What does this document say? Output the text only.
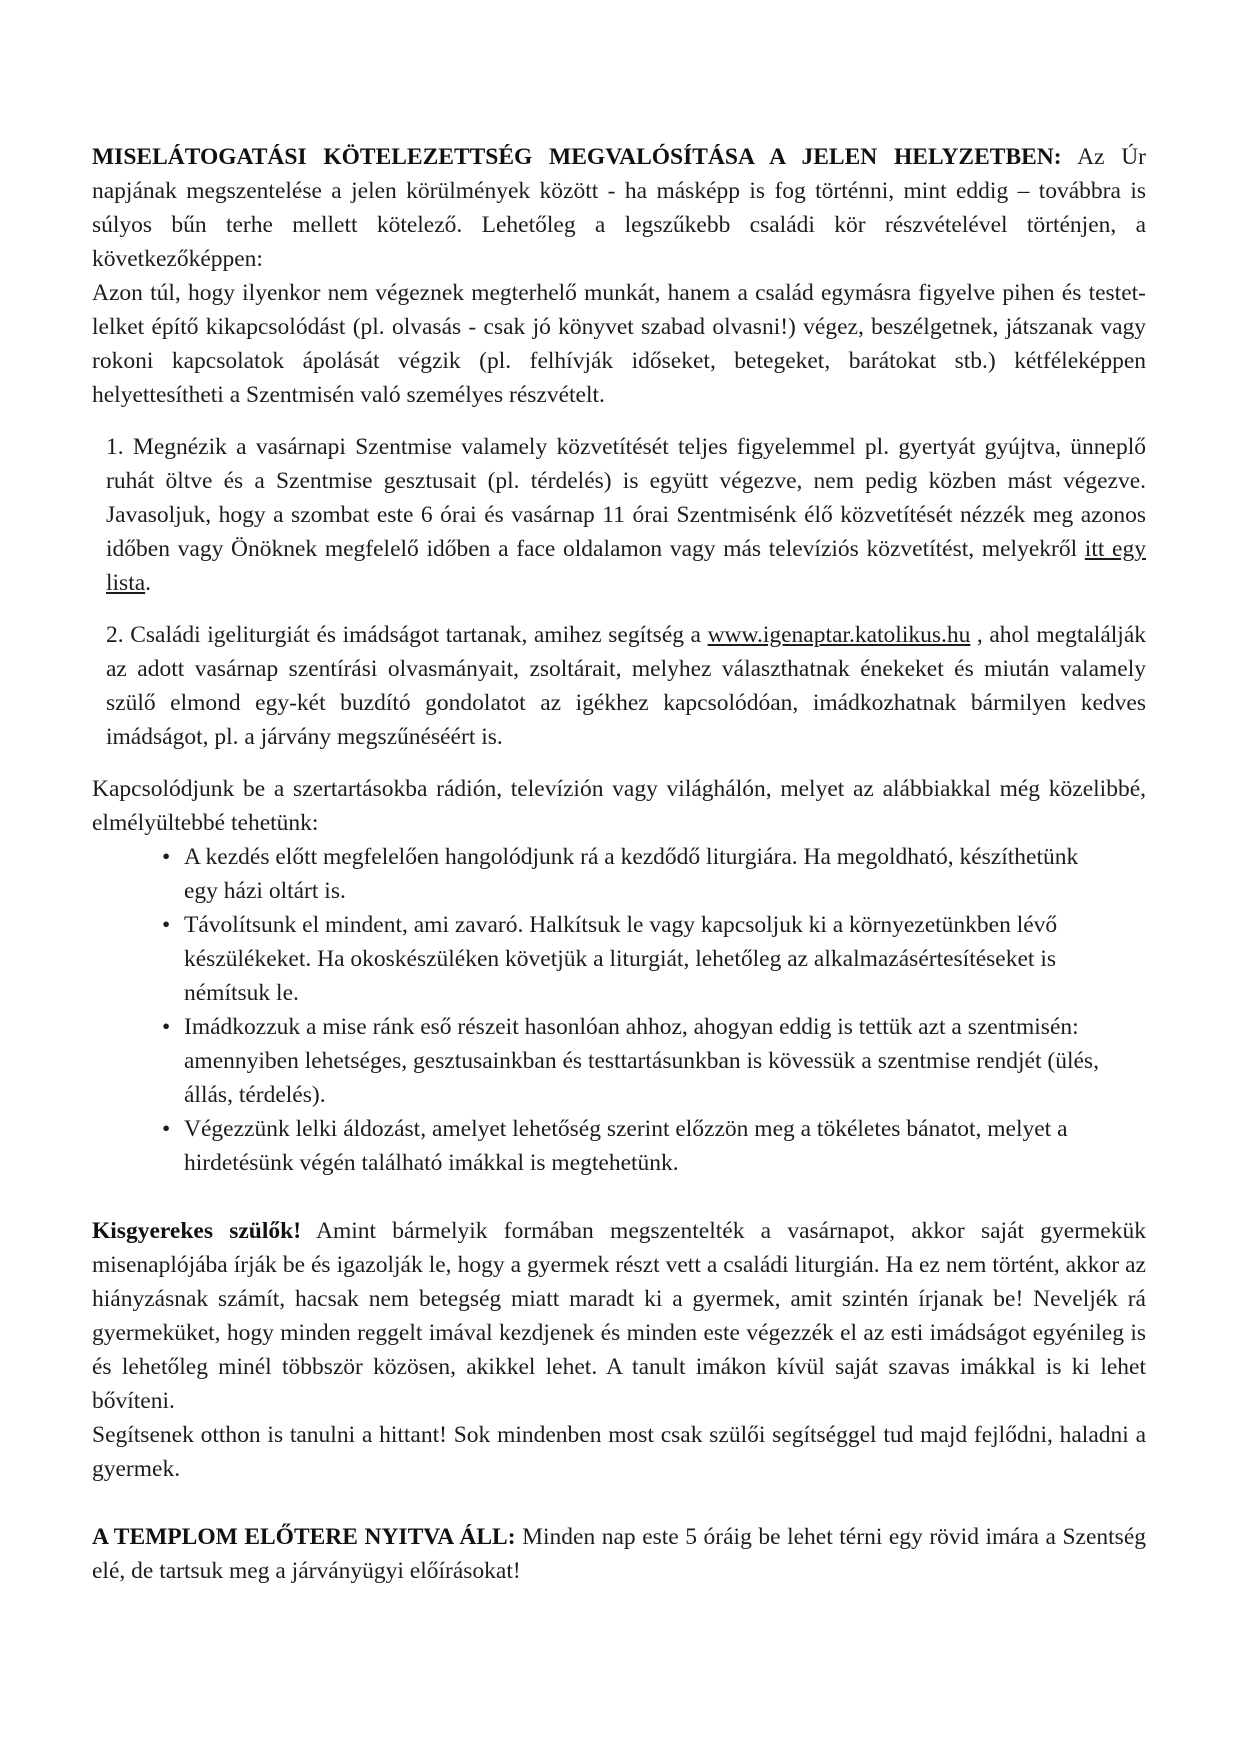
MISELÁTOGATÁSI KÖTELEZETTSÉG MEGVALÓSÍTÁSA A JELEN HELYZETBEN: Az Úr napjának megszentelése a jelen körülmények között - ha másképp is fog történni, mint eddig – továbbra is súlyos bűn terhe mellett kötelező. Lehetőleg a legszűkebb családi kör részvételével történjen, a következőképpen:

Azon túl, hogy ilyenkor nem végeznek megterhelő munkát, hanem a család egymásra figyelve pihen és testet-lelket építő kikapcsolódást (pl. olvasás - csak jó könyvet szabad olvasni!) végez, beszélgetnek, játszanak vagy rokoni kapcsolatok ápolását végzik (pl. felhívják időseket, betegeket, barátokat stb.) kétféleképpen helyettesítheti a Szentmisén való személyes részvételt.

1. Megnézik a vasárnapi Szentmise valamely közvetítését teljes figyelemmel pl. gyertyát gyújtva, ünneplő ruhát öltve és a Szentmise gesztusait (pl. térdelés) is együtt végezve, nem pedig közben mást végezve. Javasoljuk, hogy a szombat este 6 órai és vasárnap 11 órai Szentmisénk élő közvetítését nézzék meg azonos időben vagy Önöknek megfelelő időben a face oldalamon vagy más televíziós közvetítést, melyekről itt egy lista.

2. Családi igeliturgiát és imádságot tartanak, amihez segítség a www.igenaptar.katolikus.hu , ahol megtalálják az adott vasárnap szentírási olvasmányait, zsoltárait, melyhez választhatnak énekeket és miután valamely szülő elmond egy-két buzdító gondolatot az igékhez kapcsolódóan, imádkozhatnak bármilyen kedves imádságot, pl. a járvány megszűnéséért is.

Kapcsolódjunk be a szertartásokba rádión, televízión vagy világhálón, melyet az alábbiakkal még közelibbé, elmélyültebbé tehetünk:

• A kezdés előtt megfelelően hangolódjunk rá a kezdődő liturgiára. Ha megoldható, készíthetünk egy házi oltárt is.
• Távolítsunk el mindent, ami zavaró. Halkítsuk le vagy kapcsoljuk ki a környezetünkben lévő készülékeket. Ha okoskészüléken követjük a liturgiát, lehetőleg az alkalmazásértesítéseket is némítsuk le.
• Imádkozzuk a mise ránk eső részeit hasonlóan ahhoz, ahogyan eddig is tettük azt a szentmisén: amennyiben lehetséges, gesztusainkban és testtartásunkban is kövessük a szentmise rendjét (ülés, állás, térdelés).
• Végezzünk lelki áldozást, amelyet lehetőség szerint előzzön meg a tökéletes bánatot, melyet a hirdetésünk végén található imákkal is megtehetünk.

Kisgyerekes szülők! Amint bármelyik formában megszentelték a vasárnapot, akkor saját gyermekük misenaplójába írják be és igazolják le, hogy a gyermek részt vett a családi liturgián. Ha ez nem történt, akkor az hiányzásnak számít, hacsak nem betegség miatt maradt ki a gyermek, amit szintén írjanak be! Neveljék rá gyermeküket, hogy minden reggelt imával kezdjenek és minden este végezzék el az esti imádságot egyénileg is és lehetőleg minél többször közösen, akikkel lehet. A tanult imákon kívül saját szavas imákkal is ki lehet bővíteni.

Segítsenek otthon is tanulni a hittant! Sok mindenben most csak szülői segítséggel tud majd fejlődni, haladni a gyermek.

A TEMPLOM ELŐTERE NYITVA ÁLL: Minden nap este 5 óráig be lehet térni egy rövid imára a Szentség elé, de tartsuk meg a járványügyi előírásokat!
